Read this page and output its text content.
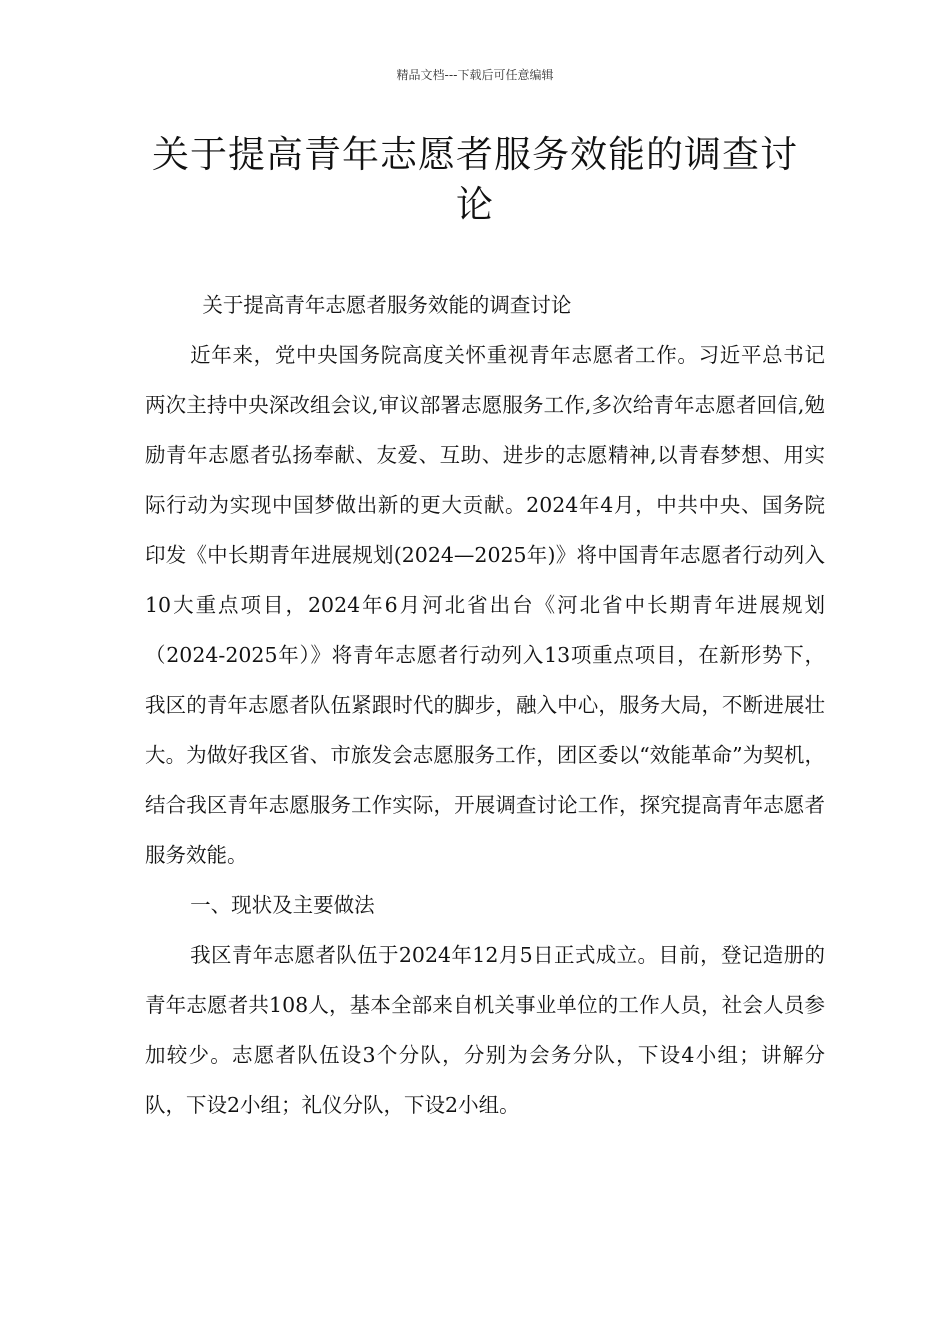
精品文档---下载后可任意编辑
关于提高青年志愿者服务效能的调查讨论

关于提高青年志愿者服务效能的调查讨论

近年来，党中央国务院高度关怀重视青年志愿者工作。习近平总书记两次主持中央深改组会议,审议部署志愿服务工作,多次给青年志愿者回信,勉励青年志愿者弘扬奉献、友爱、互助、进步的志愿精神,以青春梦想、用实际行动为实现中国梦做出新的更大贡献。2024年4月，中共中央、国务院印发《中长期青年进展规划(2024—2025年)》将中国青年志愿者行动列入10大重点项目，2024年6月河北省出台《河北省中长期青年进展规划（2024-2025年）》将青年志愿者行动列入13项重点项目，在新形势下，我区的青年志愿者队伍紧跟时代的脚步，融入中心，服务大局，不断进展壮大。为做好我区省、市旅发会志愿服务工作，团区委以“效能革命”为契机，结合我区青年志愿服务工作实际，开展调查讨论工作，探究提高青年志愿者服务效能。

一、现状及主要做法

我区青年志愿者队伍于2024年12月5日正式成立。目前，登记造册的青年志愿者共108人，基本全部来自机关事业单位的工作人员，社会人员参加较少。志愿者队伍设3个分队，分别为会务分队，下设4小组；讲解分队，下设2小组；礼仪分队，下设2小组。
